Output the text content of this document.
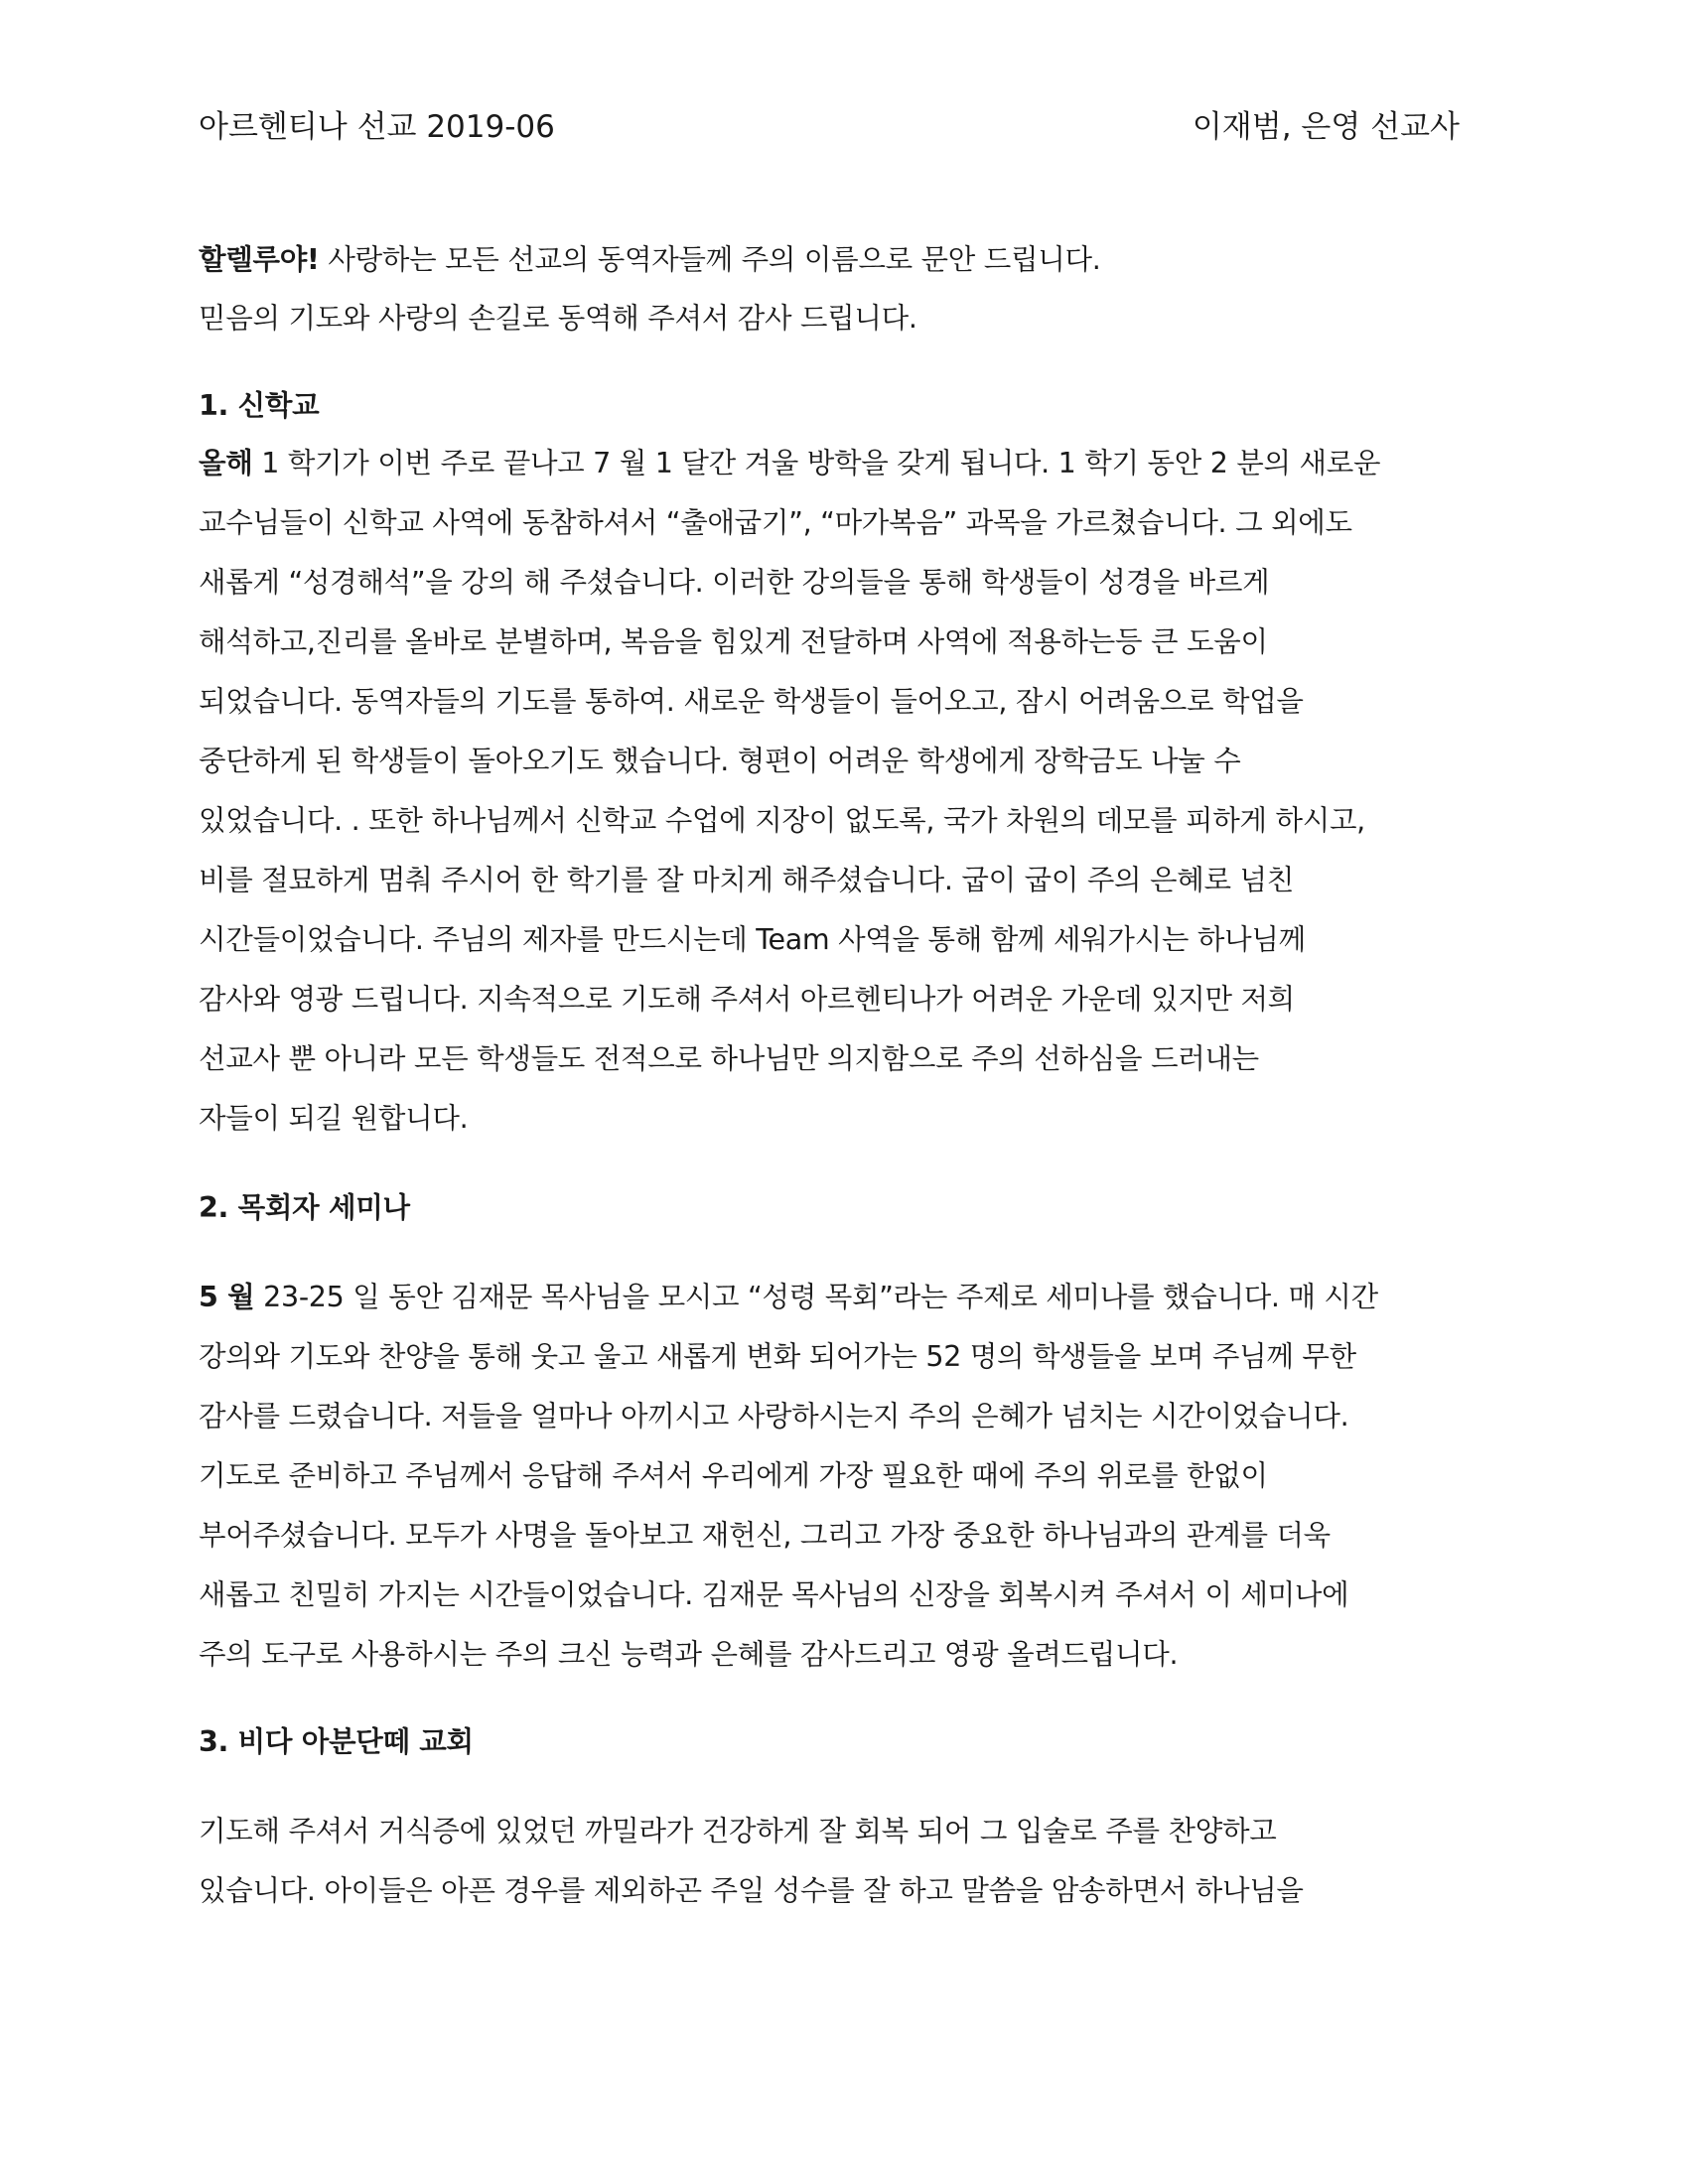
아르헨티나 선교 2019-06	이재범, 은영 선교사
할렐루야! 사랑하는 모든 선교의 동역자들께 주의 이름으로 문안 드립니다.
믿음의 기도와 사랑의 손길로 동역해 주셔서 감사 드립니다.
1. 신학교
올해 1 학기가 이번 주로 끝나고 7 월 1 달간 겨울 방학을 갖게 됩니다. 1 학기 동안 2 분의 새로운
교수님들이 신학교 사역에 동참하셔서 “출애굽기”, “마가복음” 과목을 가르쳤습니다. 그 외에도
새롭게 “성경해석”을 강의 해 주셨습니다. 이러한 강의들을 통해 학생들이 성경을 바르게
해석하고,진리를 올바로 분별하며, 복음을 힘있게 전달하며 사역에 적용하는등 큰 도움이
되었습니다. 동역자들의 기도를 통하여. 새로운 학생들이 들어오고, 잠시 어려움으로 학업을
중단하게 된 학생들이 돌아오기도 했습니다. 형편이 어려운 학생에게 장학금도 나눌 수
있었습니다. . 또한 하나님께서 신학교 수업에 지장이 없도록, 국가 차원의 데모를 피하게 하시고,
비를 절묘하게 멈춰 주시어 한 학기를 잘 마치게 해주셨습니다. 굽이 굽이 주의 은혜로 넘친
시간들이었습니다. 주님의 제자를 만드시는데 Team 사역을 통해 함께 세워가시는 하나님께
감사와 영광 드립니다. 지속적으로 기도해 주셔서 아르헨티나가 어려운 가운데 있지만 저희
선교사 뿐 아니라 모든 학생들도 전적으로 하나님만 의지함으로 주의 선하심을 드러내는
자들이 되길 원합니다.
2. 목회자 세미나
5 월 23-25 일 동안 김재문 목사님을 모시고 “성령 목회”라는 주제로 세미나를 했습니다. 매 시간
강의와 기도와 찬양을 통해 웃고 울고 새롭게 변화 되어가는 52 명의 학생들을 보며 주님께 무한
감사를 드렸습니다. 저들을 얼마나 아끼시고 사랑하시는지 주의 은혜가 넘치는 시간이었습니다.
기도로 준비하고 주님께서 응답해 주셔서 우리에게 가장 필요한 때에 주의 위로를 한없이
부어주셨습니다. 모두가 사명을 돌아보고 재헌신, 그리고 가장 중요한 하나님과의 관계를 더욱
새롭고 친밀히 가지는 시간들이었습니다. 김재문 목사님의 신장을 회복시켜 주셔서 이 세미나에
주의 도구로 사용하시는 주의 크신 능력과 은혜를 감사드리고 영광 올려드립니다.
3. 비다 아분단떼 교회
기도해 주셔서 거식증에 있었던 까밀라가 건강하게 잘 회복 되어 그 입술로 주를 찬양하고
있습니다. 아이들은 아픈 경우를 제외하곤 주일 성수를 잘 하고 말씀을 암송하면서 하나님을
